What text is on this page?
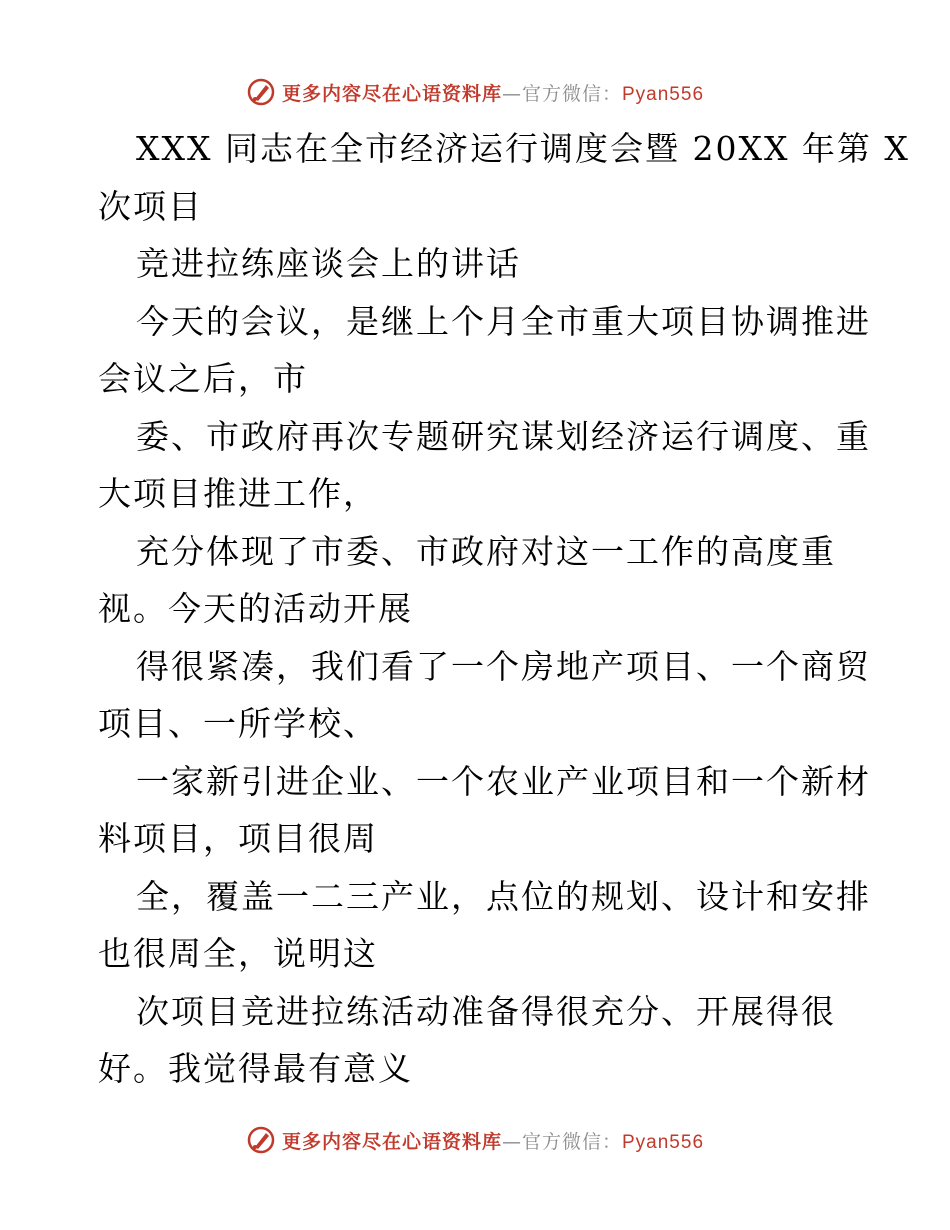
更多内容尽在心语资料库—官方微信：Pyan556
XXX 同志在全市经济运行调度会暨 20XX 年第 X
次项目
竞进拉练座谈会上的讲话
今天的会议，是继上个月全市重大项目协调推进
会议之后，市
委、市政府再次专题研究谋划经济运行调度、重
大项目推进工作，
充分体现了市委、市政府对这一工作的高度重
视。今天的活动开展
得很紧凑，我们看了一个房地产项目、一个商贸
项目、一所学校、
一家新引进企业、一个农业产业项目和一个新材
料项目，项目很周
全，覆盖一二三产业，点位的规划、设计和安排
也很周全，说明这
次项目竞进拉练活动准备得很充分、开展得很
好。我觉得最有意义
更多内容尽在心语资料库—官方微信：Pyan556
